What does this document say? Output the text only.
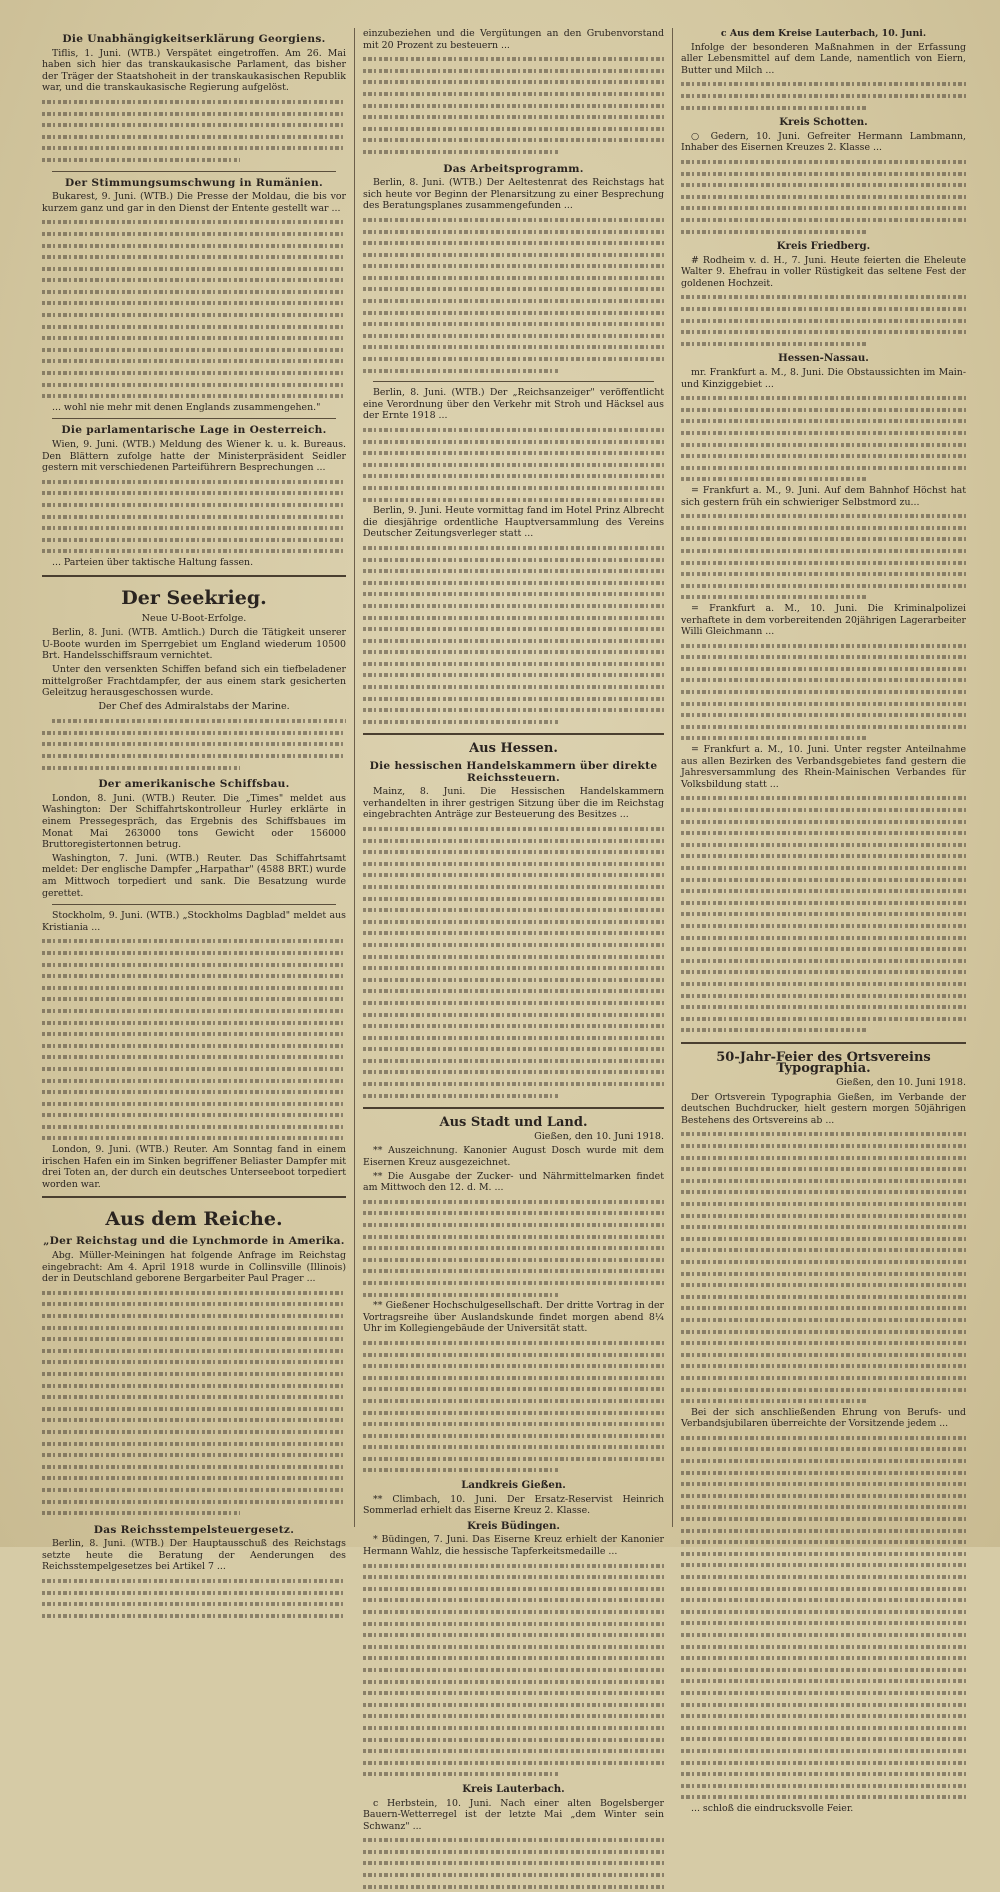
Die Unabhängigkeitserklärung Georgiens.
Tiflis, 1. Juni. (WTB.) Verspätet eingetroffen. Am 26. Mai haben sich hier das transkaukasische Parlament, das bisher der Träger der Staatshoheit in der transkaukasischen Republik war, und die transkaukasische Regierung aufgelöst.
Der Stimmungsumschwung in Rumänien.
Bukarest, 9. Juni. (WTB.) Die Presse der Moldau, die bis vor kurzem ganz und gar in den Dienst der Entente gestellt war ...
... wohl nie mehr mit denen Englands zusammengehen."
Die parlamentarische Lage in Oesterreich.
Wien, 9. Juni. (WTB.) Meldung des Wiener k. u. k. Bureaus. Den Blättern zufolge hatte der Ministerpräsident Seidler gestern mit verschiedenen Parteiführern Besprechungen ...
... Parteien über taktische Haltung fassen.
Der Seekrieg.
Neue U-Boot-Erfolge.
Berlin, 8. Juni. (WTB. Amtlich.) Durch die Tätigkeit unserer U-Boote wurden im Sperrgebiet um England wiederum 10500 Brt. Handelsschiffsraum vernichtet.
Unter den versenkten Schiffen befand sich ein tiefbeladener mittelgroßer Frachtdampfer, der aus einem stark gesicherten Geleitzug herausgeschossen wurde.
Der Chef des Admiralstabs der Marine.
Der amerikanische Schiffsbau.
London, 8. Juni. (WTB.) Reuter. Die „Times" meldet aus Washington: Der Schiffahrtskontrolleur Hurley erklärte in einem Pressegespräch, das Ergebnis des Schiffsbaues im Monat Mai 263000 tons Gewicht oder 156000 Bruttoregistertonnen betrug.
Washington, 7. Juni. (WTB.) Reuter. Das Schiffahrtsamt meldet: Der englische Dampfer „Harpathar" (4588 BRT.) wurde am Mittwoch torpediert und sank. Die Besatzung wurde gerettet.
Stockholm, 9. Juni. (WTB.) „Stockholms Dagblad" meldet aus Kristiania ...
London, 9. Juni. (WTB.) Reuter. Am Sonntag fand in einem irischen Hafen ein im Sinken begriffener Beliaster Dampfer mit drei Toten an, der durch ein deutsches Unterseeboot torpediert worden war.
Aus dem Reiche.
„Der Reichstag und die Lynchmorde in Amerika.
Abg. Müller-Meiningen hat folgende Anfrage im Reichstag eingebracht: Am 4. April 1918 wurde in Collinsville (Illinois) der in Deutschland geborene Bergarbeiter Paul Prager ...
Das Reichsstempelsteuergesetz.
Berlin, 8. Juni. (WTB.) Der Hauptausschuß des Reichstags setzte heute die Beratung der Aenderungen des Reichsstempelgesetzes bei Artikel 7 ...
einzubeziehen und die Vergütungen an den Grubenvorstand mit 20 Prozent zu besteuern ...
Das Arbeitsprogramm.
Berlin, 8. Juni. (WTB.) Der Aeltestenrat des Reichstags hat sich heute vor Beginn der Plenarsitzung zu einer Besprechung des Beratungsplanes zusammengefunden ...
Berlin, 8. Juni. (WTB.) Der „Reichsanzeiger" veröffentlicht eine Verordnung über den Verkehr mit Stroh und Häcksel aus der Ernte 1918 ...
Berlin, 9. Juni. Heute vormittag fand im Hotel Prinz Albrecht die diesjährige ordentliche Hauptversammlung des Vereins Deutscher Zeitungsverleger statt ...
Aus Hessen.
Die hessischen Handelskammern über direkte Reichssteuern.
Mainz, 8. Juni. Die Hessischen Handelskammern verhandelten in ihrer gestrigen Sitzung über die im Reichstag eingebrachten Anträge zur Besteuerung des Besitzes ...
Aus Stadt und Land.
Gießen, den 10. Juni 1918.
** Auszeichnung. Kanonier August Dosch wurde mit dem Eisernen Kreuz ausgezeichnet.
** Die Ausgabe der Zucker- und Nährmittelmarken findet am Mittwoch den 12. d. M. ...
** Gießener Hochschulgesellschaft. Der dritte Vortrag in der Vortragsreihe über Auslandskunde findet morgen abend 8¼ Uhr im Kollegiengebäude der Universität statt.
Landkreis Gießen.
** Climbach, 10. Juni. Der Ersatz-Reservist Heinrich Sommerlad erhielt das Eiserne Kreuz 2. Klasse.
Kreis Büdingen.
* Büdingen, 7. Juni. Das Eiserne Kreuz erhielt der Kanonier Hermann Wahlz, die hessische Tapferkeitsmedaille ...
Kreis Lauterbach.
c Herbstein, 10. Juni. Nach einer alten Bogelsberger Bauern-Wetterregel ist der letzte Mai „dem Winter sein Schwanz" ...
c Aus dem Kreise Lauterbach, 10. Juni.
Infolge der besonderen Maßnahmen in der Erfassung aller Lebensmittel auf dem Lande, namentlich von Eiern, Butter und Milch ...
Kreis Schotten.
○ Gedern, 10. Juni. Gefreiter Hermann Lambmann, Inhaber des Eisernen Kreuzes 2. Klasse ...
Kreis Friedberg.
# Rodheim v. d. H., 7. Juni. Heute feierten die Eheleute Walter 9. Ehefrau in voller Rüstigkeit das seltene Fest der goldenen Hochzeit.
Hessen-Nassau.
mr. Frankfurt a. M., 8. Juni. Die Obstaussichten im Main- und Kinziggebiet ...
= Frankfurt a. M., 9. Juni. Auf dem Bahnhof Höchst hat sich gestern früh ein schwieriger Selbstmord zu...
= Frankfurt a. M., 10. Juni. Die Kriminalpolizei verhaftete in dem vorbereitenden 20jährigen Lagerarbeiter Willi Gleichmann ...
= Frankfurt a. M., 10. Juni. Unter regster Anteilnahme aus allen Bezirken des Verbandsgebietes fand gestern die Jahresversammlung des Rhein-Mainischen Verbandes für Volksbildung statt ...
50-Jahr-Feier des Ortsvereins Typographia.
Gießen, den 10. Juni 1918.
Der Ortsverein Typographia Gießen, im Verbande der deutschen Buchdrucker, hielt gestern morgen 50jährigen Bestehens des Ortsvereins ab ...
Bei der sich anschließenden Ehrung von Berufs- und Verbandsjubilaren überreichte der Vorsitzende jedem ...
... schloß die eindrucksvolle Feier.
